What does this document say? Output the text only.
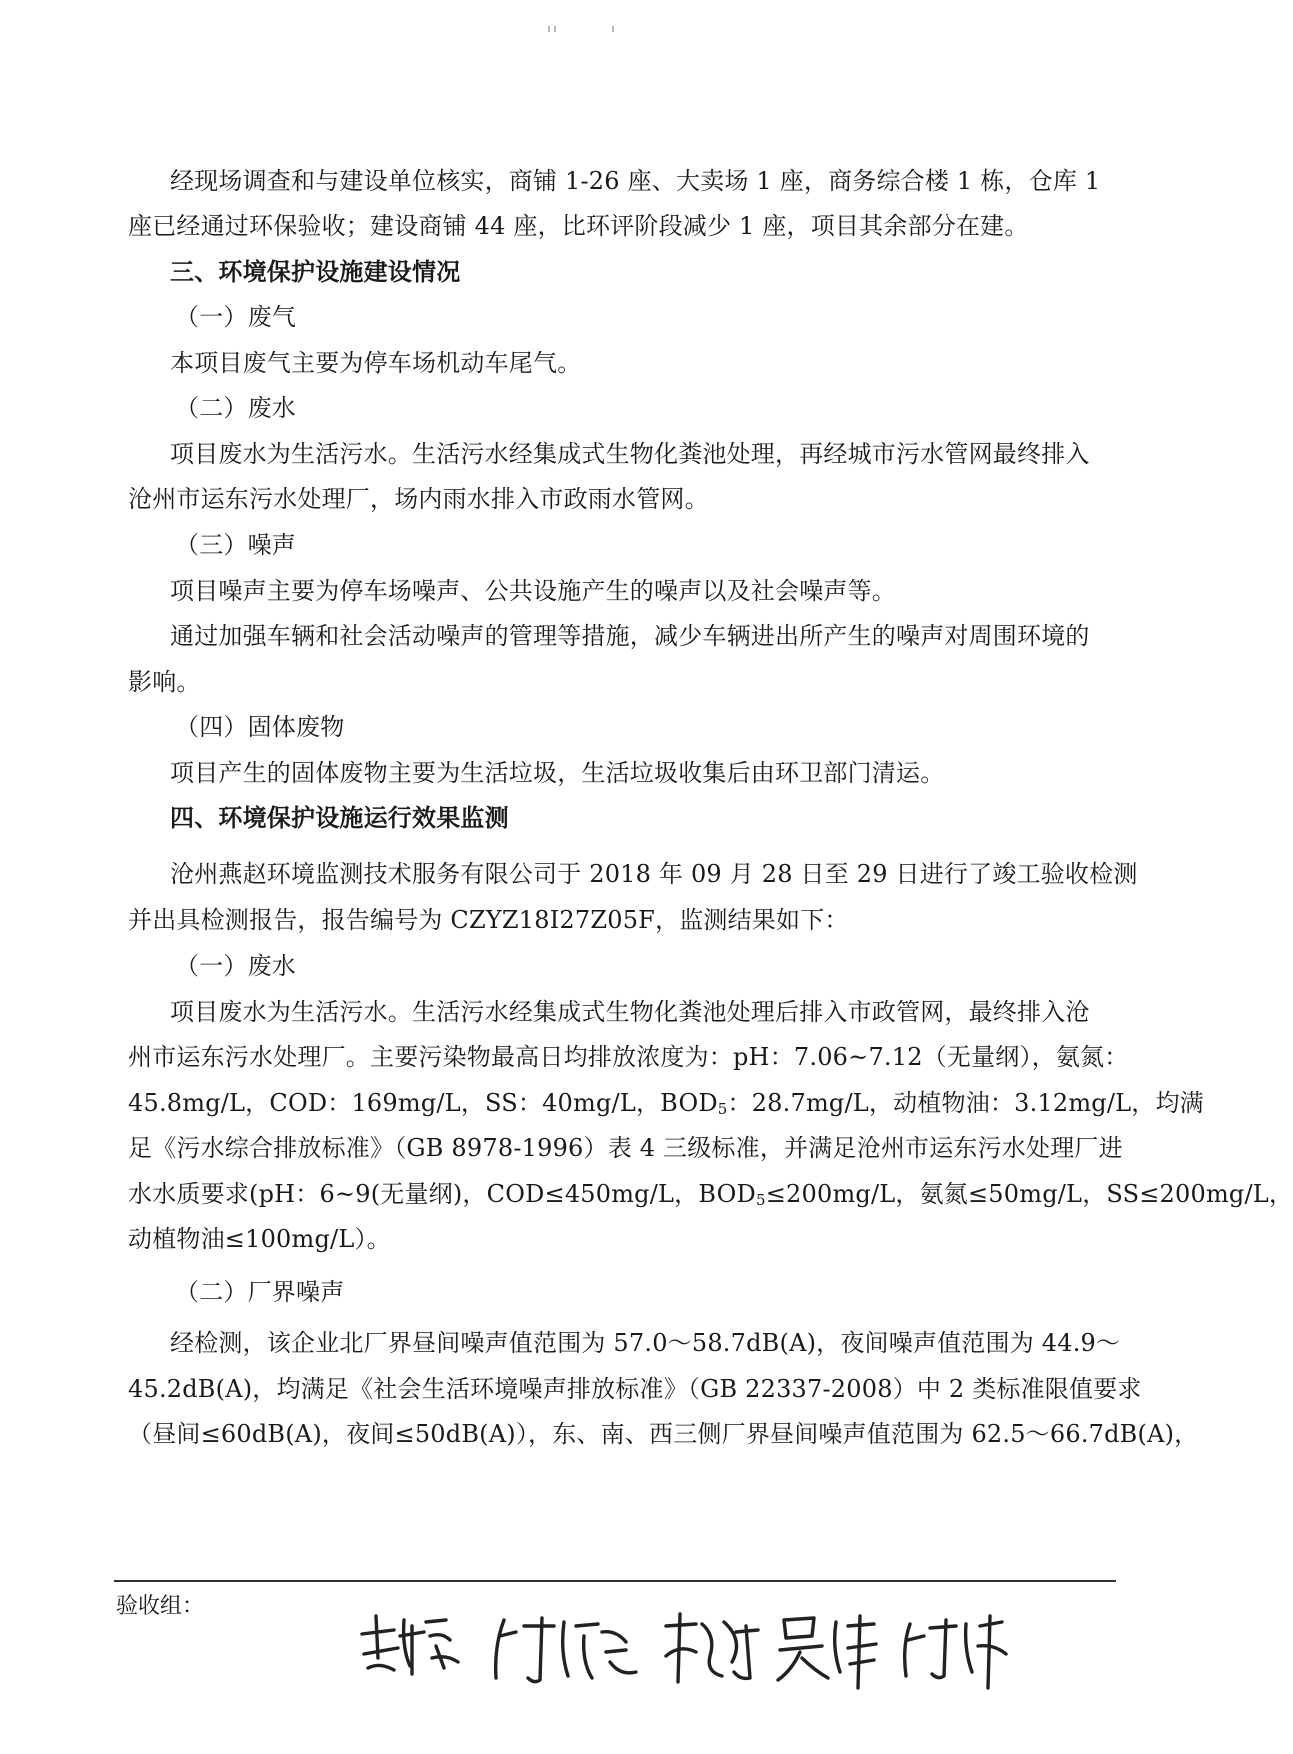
经现场调查和与建设单位核实，商铺 1-26 座、大卖场 1 座，商务综合楼 1 栋，仓库 1
座已经通过环保验收；建设商铺 44 座，比环评阶段减少 1 座，项目其余部分在建。
三、环境保护设施建设情况
（一）废气
本项目废气主要为停车场机动车尾气。
（二）废水
项目废水为生活污水。生活污水经集成式生物化粪池处理，再经城市污水管网最终排入
沧州市运东污水处理厂，场内雨水排入市政雨水管网。
（三）噪声
项目噪声主要为停车场噪声、公共设施产生的噪声以及社会噪声等。
通过加强车辆和社会活动噪声的管理等措施，减少车辆进出所产生的噪声对周围环境的
影响。
（四）固体废物
项目产生的固体废物主要为生活垃圾，生活垃圾收集后由环卫部门清运。
四、环境保护设施运行效果监测
沧州燕赵环境监测技术服务有限公司于 2018 年 09 月 28 日至 29 日进行了竣工验收检测
并出具检测报告，报告编号为 CZYZ18I27Z05F，监测结果如下：
（一）废水
项目废水为生活污水。生活污水经集成式生物化粪池处理后排入市政管网，最终排入沧
州市运东污水处理厂。主要污染物最高日均排放浓度为：pH：7.06~7.12（无量纲），氨氮：
45.8mg/L，COD：169mg/L，SS：40mg/L，$BOD_5$：28.7mg/L，动植物油：3.12mg/L，均满
足《污水综合排放标准》（GB 8978-1996）表 4 三级标准，并满足沧州市运东污水处理厂进
水水质要求(pH：6~9(无量纲)，COD≤450mg/L，$BOD_5\le 200mg/L$，氨氮≤50mg/L，SS≤200mg/L，
动植物油≤100mg/L）。
（二）厂界噪声
经检测，该企业北厂界昼间噪声值范围为 57.0～58.7dB(A)，夜间噪声值范围为 44.9～
45.2dB(A)，均满足《社会生活环境噪声排放标准》（GB 22337-2008）中 2 类标准限值要求
（昼间≤60dB(A)，夜间≤50dB(A)），东、南、西三侧厂界昼间噪声值范围为 62.5～66.7dB(A)，
验收组：
